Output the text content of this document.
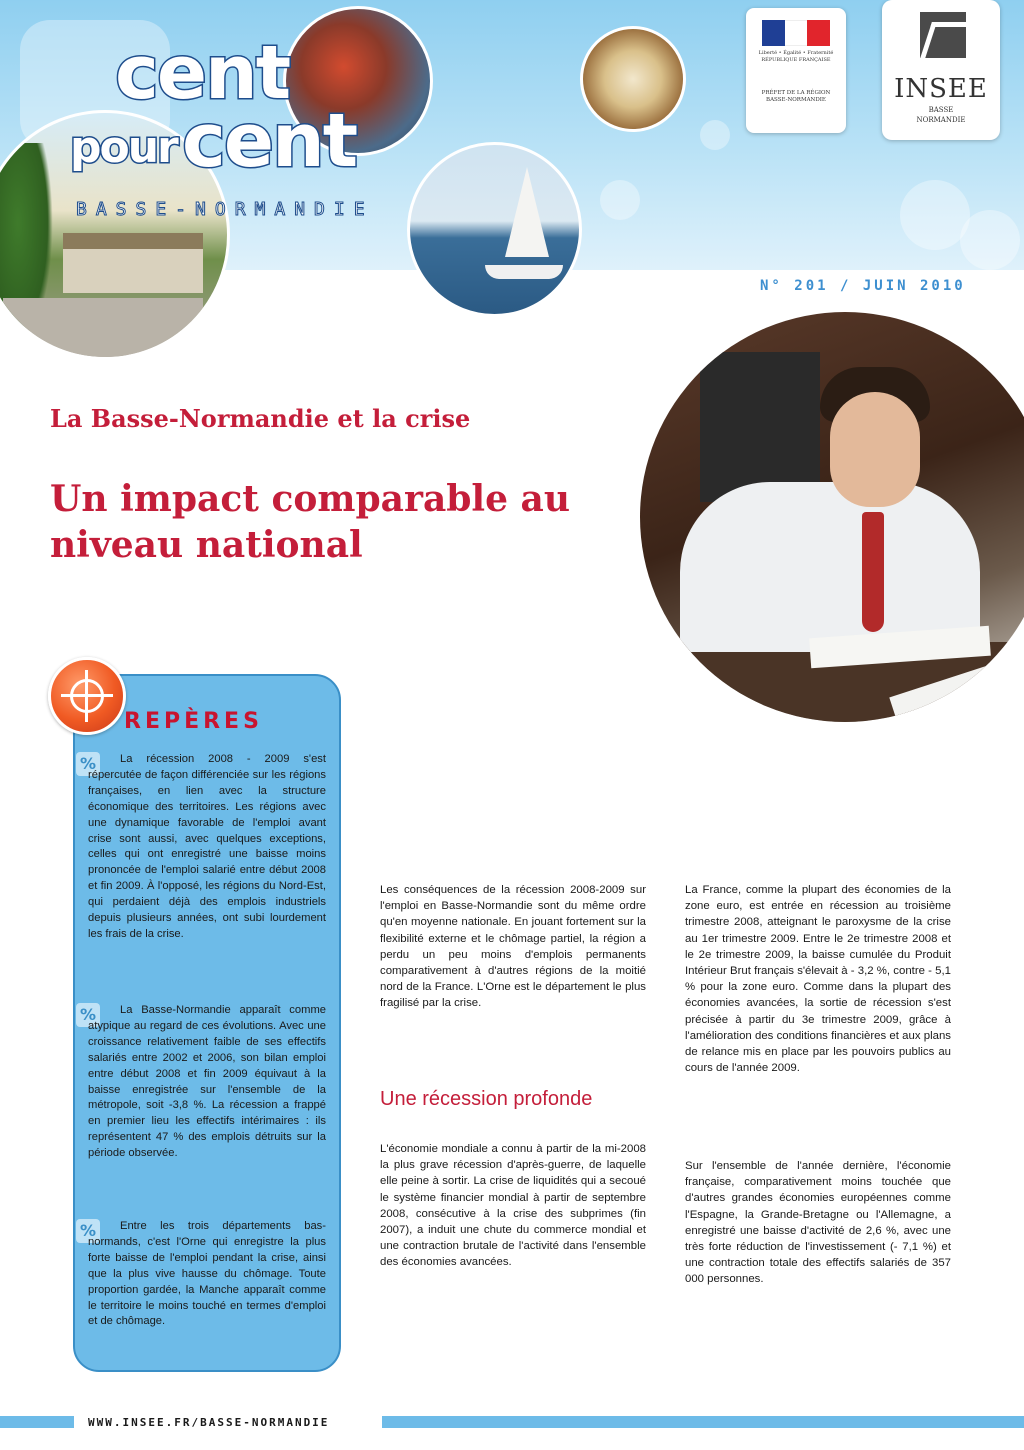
cent
pour cent
BASSE-NORMANDIE
Liberté • Égalité • Fraternité RÉPUBLIQUE FRANÇAISE
PRÉFET DE LA RÉGION BASSE-NORMANDIE	INSEE
BASSE
NORMANDIE
N° 201 / JUIN 2010
La Basse-Normandie et la crise
Un impact comparable au niveau national
REPÈRES
%	La récession 2008 - 2009 s'est répercutée de façon différenciée sur les régions françaises, en lien avec la structure économique des territoires. Les régions avec une dynamique favorable de l'emploi avant crise sont aussi, avec quelques exceptions, celles qui ont enregistré une baisse moins prononcée de l'emploi salarié entre début 2008 et fin 2009. À l'opposé, les régions du Nord-Est, qui perdaient déjà des emplois industriels depuis plusieurs années, ont subi lourdement les frais de la crise.
%	La Basse-Normandie apparaît comme atypique au regard de ces évolutions. Avec une croissance relativement faible de ses effectifs salariés entre 2002 et 2006, son bilan emploi entre début 2008 et fin 2009 équivaut à la baisse enregistrée sur l'ensemble de la métropole, soit -3,8 %. La récession a frappé en premier lieu les effectifs intérimaires : ils représentent 47 % des emplois détruits sur la période observée.
%	Entre les trois départements bas-normands, c'est l'Orne qui enregistre la plus forte baisse de l'emploi pendant la crise, ainsi que la plus vive hausse du chômage. Toute proportion gardée, la Manche apparaît comme le territoire le moins touché en termes d'emploi et de chômage.
Les conséquences de la récession 2008-2009 sur l'emploi en Basse-Normandie sont du même ordre qu'en moyenne nationale. En jouant fortement sur la flexibilité externe et le chômage partiel, la région a perdu un peu moins d'emplois permanents comparativement à d'autres régions de la moitié nord de la France. L'Orne est le département le plus fragilisé par la crise.
Une récession profonde
L'économie mondiale a connu à partir de la mi-2008 la plus grave récession d'après-guerre, de laquelle elle peine à sortir. La crise de liquidités qui a secoué le système financier mondial à partir de septembre 2008, consécutive à la crise des subprimes (fin 2007), a induit une chute du commerce mondial et une contraction brutale de l'activité dans l'ensemble des économies avancées.
La France, comme la plupart des économies de la zone euro, est entrée en récession au troisième trimestre 2008, atteignant le paroxysme de la crise au 1er trimestre 2009. Entre le 2e trimestre 2008 et le 2e trimestre 2009, la baisse cumulée du Produit Intérieur Brut français s'élevait à - 3,2 %, contre - 5,1 % pour la zone euro. Comme dans la plupart des économies avancées, la sortie de récession s'est précisée à partir du 3e trimestre 2009, grâce à l'amélioration des conditions financières et aux plans de relance mis en place par les pouvoirs publics au cours de l'année 2009.
Sur l'ensemble de l'année dernière, l'économie française, comparativement moins touchée que d'autres grandes économies européennes comme l'Espagne, la Grande-Bretagne ou l'Allemagne, a enregistré une baisse d'activité de 2,6 %, avec une très forte réduction de l'investissement (- 7,1 %) et une contraction totale des effectifs salariés de 357 000 personnes.
WWW.INSEE.FR/BASSE-NORMANDIE
